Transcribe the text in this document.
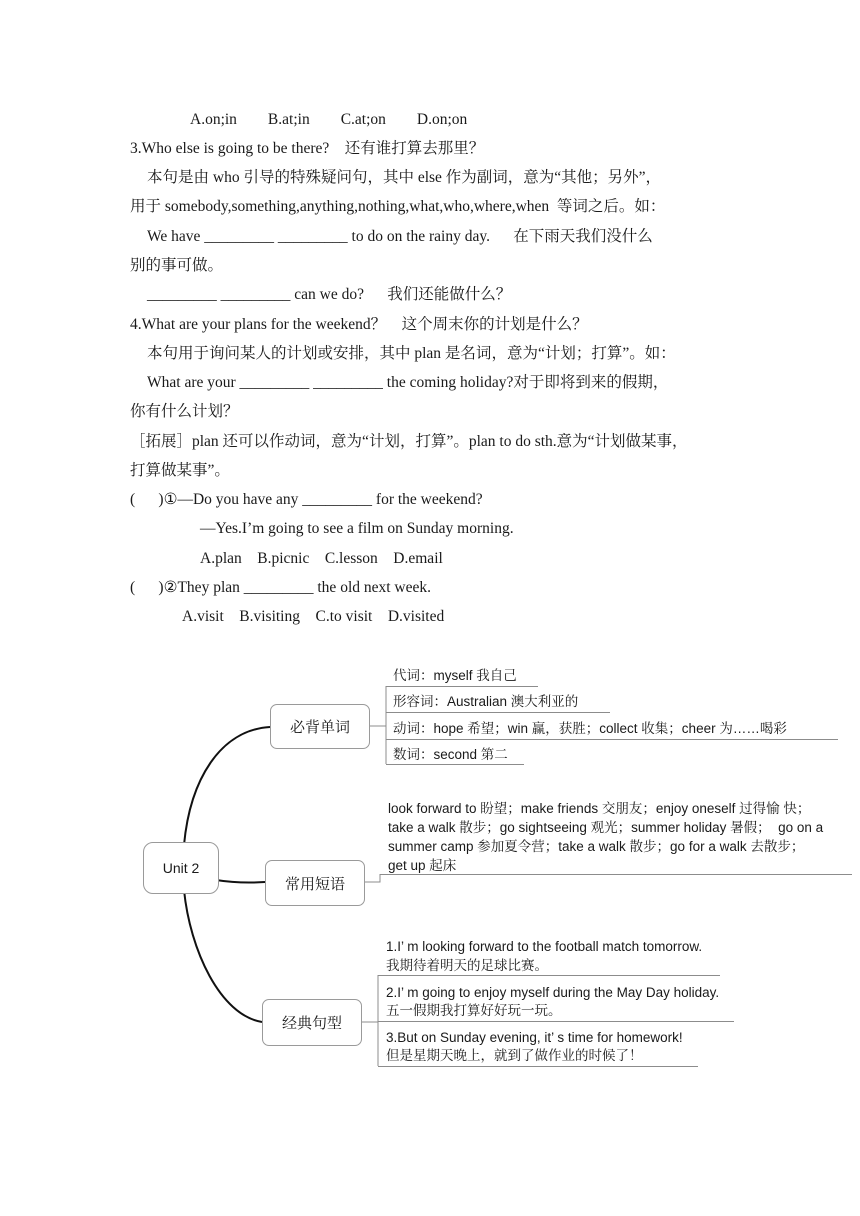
A.on;in        B.at;in        C.at;on        D.on;on
3.Who else is going to be there?    还有谁打算去那里？
本句是由 who 引导的特殊疑问句，其中 else 作为副词，意为“其他；另外”，
用于 somebody,something,anything,nothing,what,who,where,when  等词之后。如：
We have _________ _________ to do on the rainy day.      在下雨天我们没什么
别的事可做。
_________ _________ can we do?      我们还能做什么？
4.What are your plans for the weekend？    这个周末你的计划是什么？
本句用于询问某人的计划或安排，其中 plan 是名词，意为“计划；打算”。如：
What are your _________ _________ the coming holiday?对于即将到来的假期，
你有什么计划？
［拓展］plan 还可以作动词，意为“计划，打算”。plan to do sth.意为“计划做某事，
打算做某事”。
(      )①—Do you have any _________ for the weekend?
—Yes.I’m going to see a film on Sunday morning.
A.plan    B.picnic    C.lesson    D.email
(      )②They plan _________ the old next week.
A.visit    B.visiting    C.to visit    D.visited
Unit 2
必背单词
代词：myself 我自己
形容词：Australian 澳大利亚的
动词：hope 希望；win 赢，获胜；collect 收集；cheer 为……喝彩
数词：second 第二
常用短语
look forward to 盼望；make friends 交朋友；enjoy oneself 过得愉 快；
take a walk 散步；go sightseeing 观光；summer holiday 暑假；  go on a
summer camp 参加夏令营；take a walk 散步；go for a walk 去散步；
get up 起床
经典句型
1.I’ m looking forward to the football match tomorrow.
我期待着明天的足球比赛。
2.I’ m going to enjoy myself during the May Day holiday.
五一假期我打算好好玩一玩。
3.But on Sunday evening, it’ s time for homework!
但是星期天晚上，就到了做作业的时候了！
